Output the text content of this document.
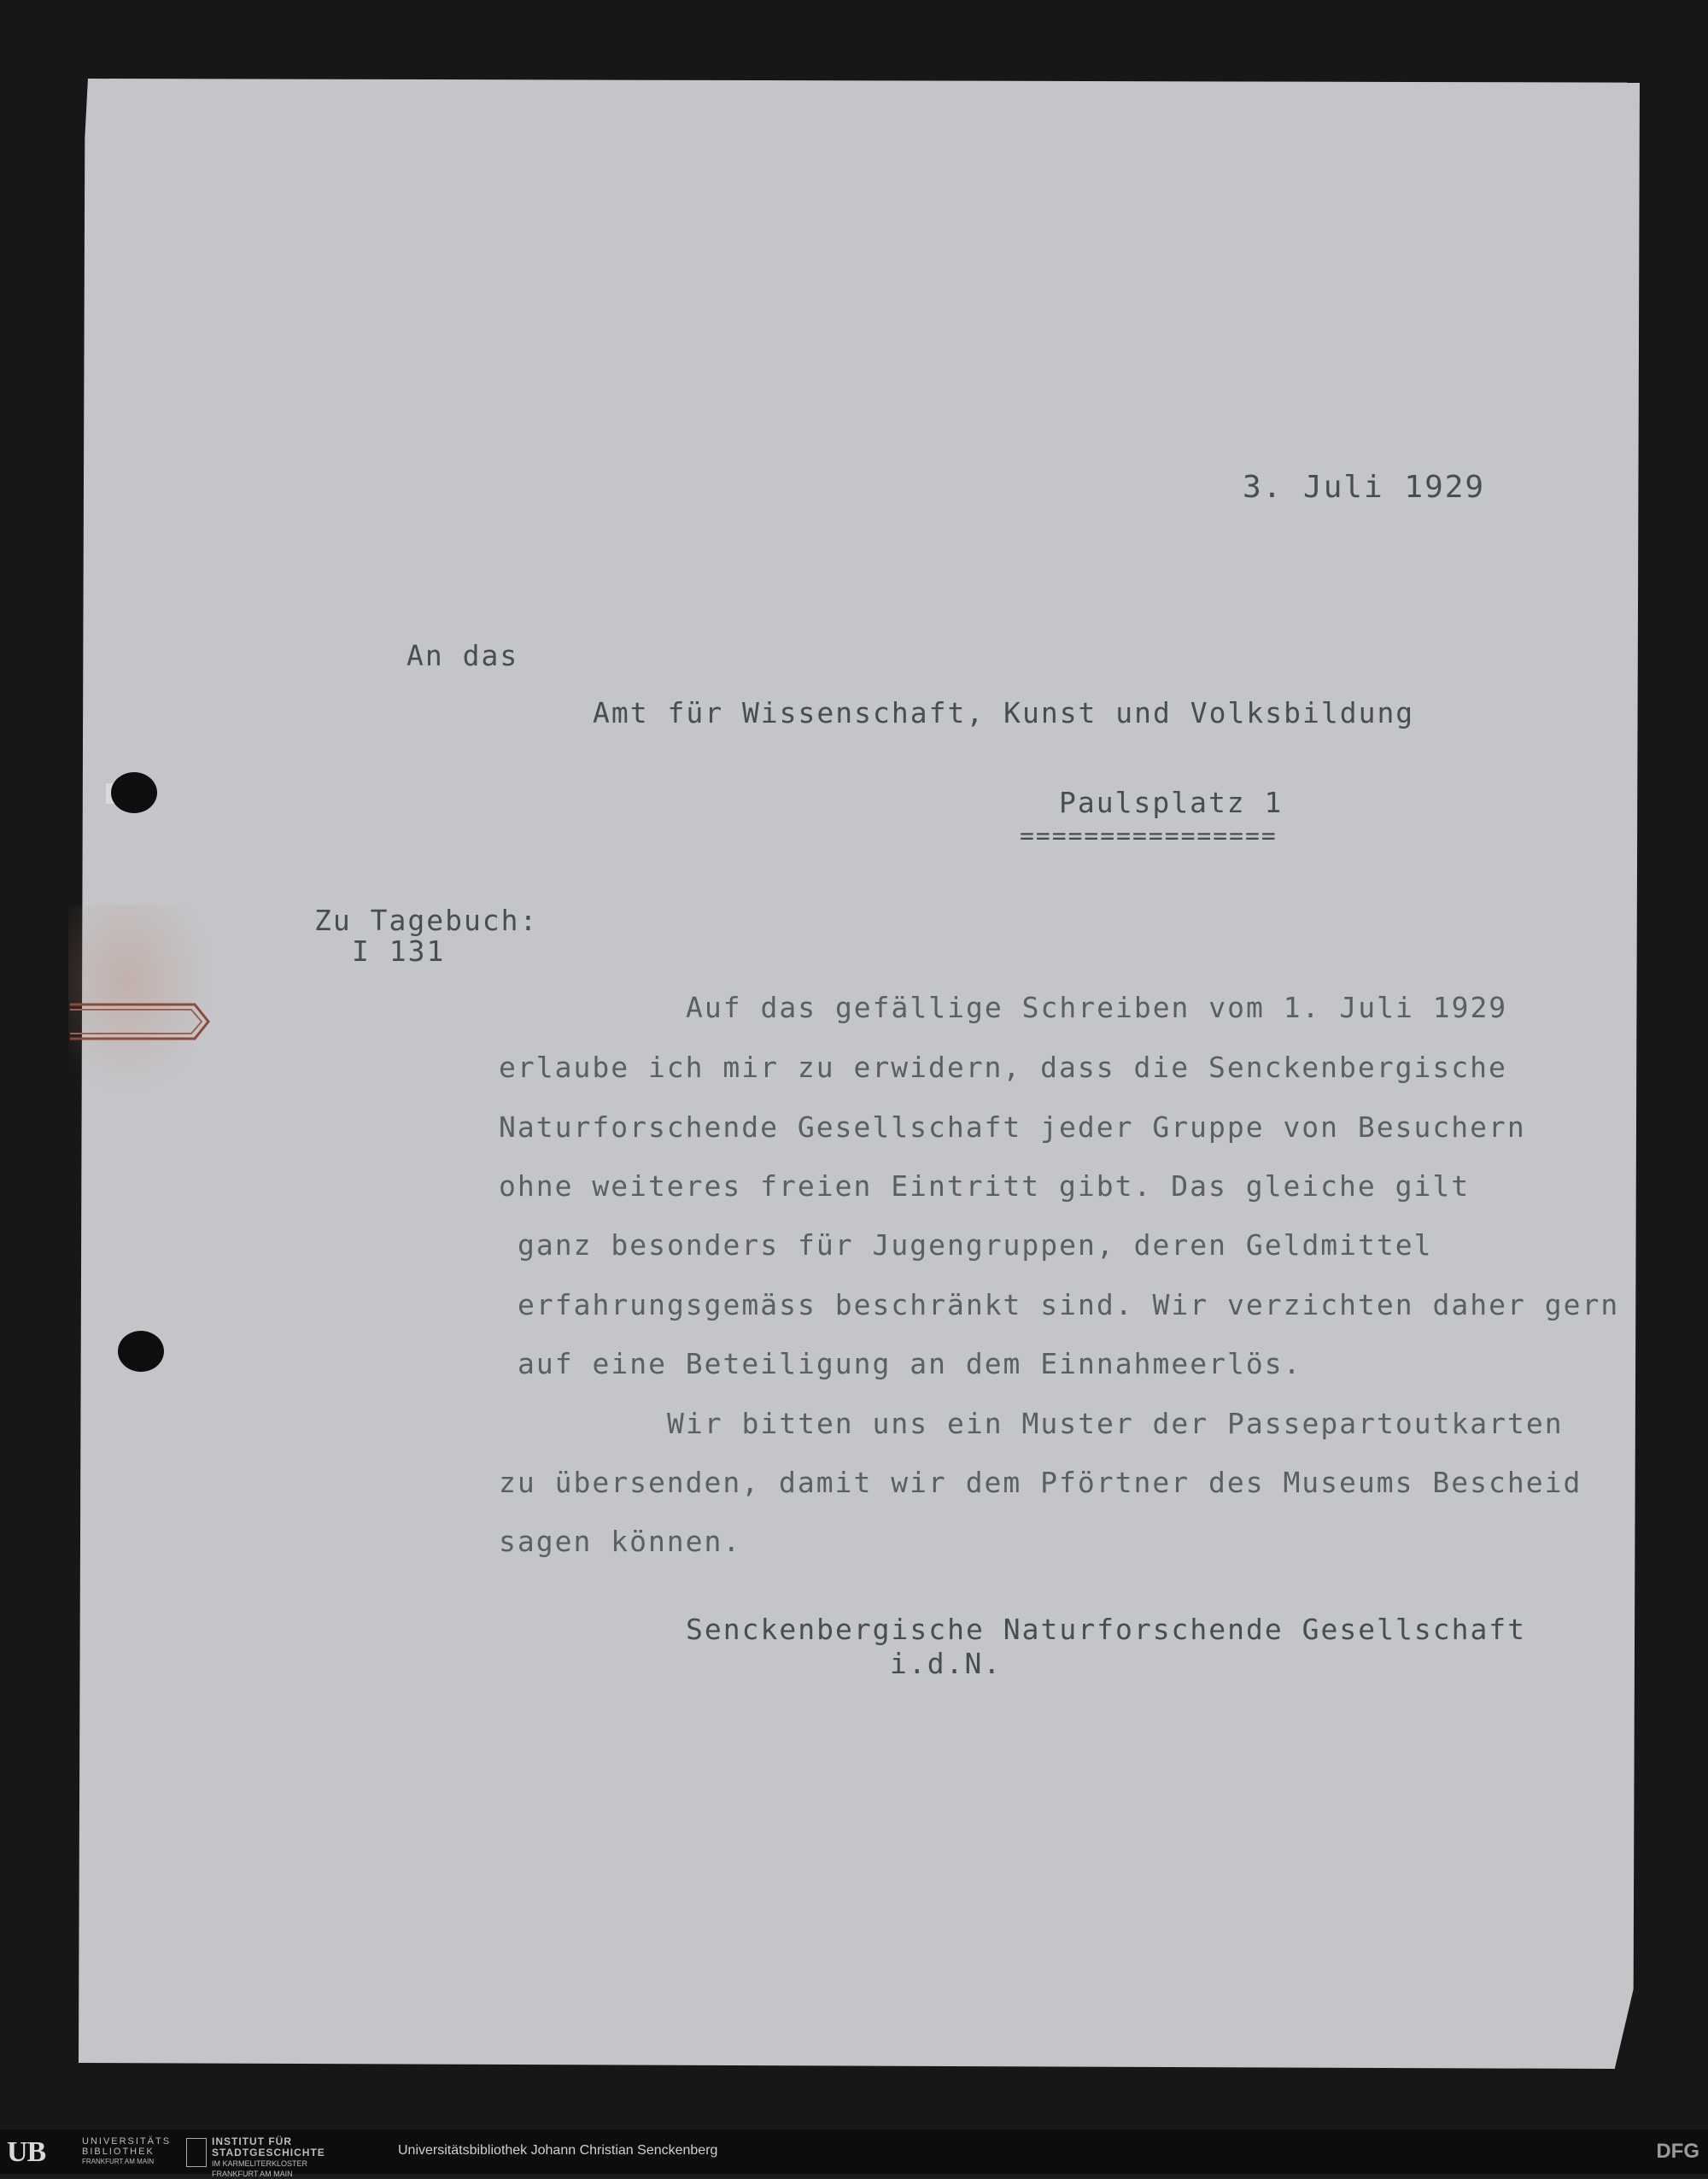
3. Juli 1929

An das

Amt für Wissenschaft, Kunst und Volksbildung

Paulsplatz 1

================

Zu Tagebuch:

I 131

Auf das gefällige Schreiben vom 1. Juli 1929

erlaube ich mir zu erwidern, dass die Senckenbergische

Naturforschende Gesellschaft jeder Gruppe von Besuchern

ohne weiteres freien Eintritt gibt. Das gleiche gilt

ganz besonders für Jugengruppen, deren Geldmittel

erfahrungsgemäss beschränkt sind. Wir verzichten daher gern

auf eine Beteiligung an dem Einnahmeerlös.

Wir bitten uns ein Muster der Passepartoutkarten

zu übersenden, damit wir dem Pförtner des Museums Bescheid

sagen können.

Senckenbergische Naturforschende Gesellschaft

i.d.N.

UB	UNIVERSITÄTS
BIBLIOTHEK
FRANKFURT AM MAIN
INSTITUT FÜR
STADTGESCHICHTE
IM KARMELITERKLOSTER
FRANKFURT AM MAIN
Universitätsbibliothek Johann Christian Senckenberg	DFG
